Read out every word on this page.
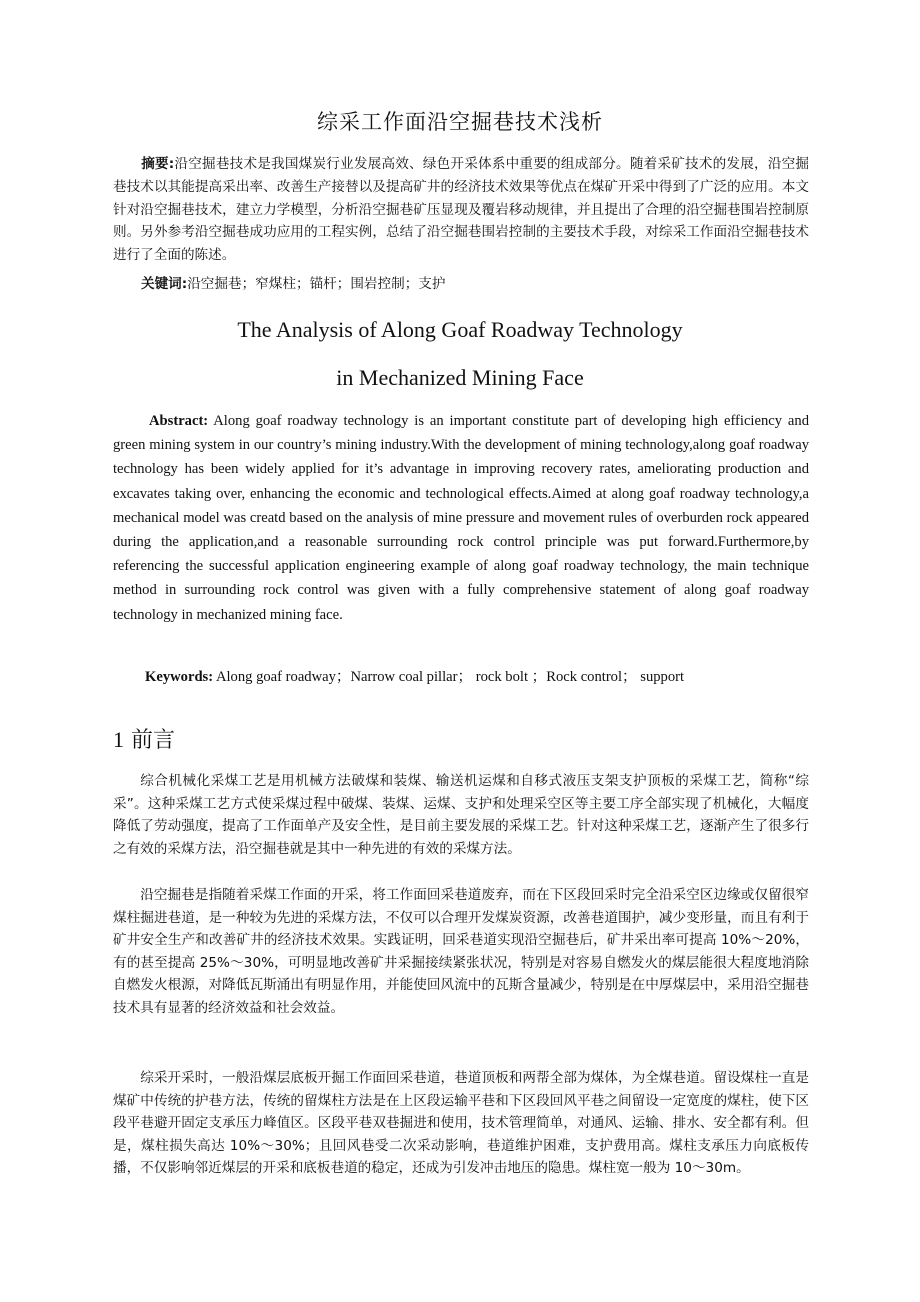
综采工作面沿空掘巷技术浅析
摘要:沿空掘巷技术是我国煤炭行业发展高效、绿色开采体系中重要的组成部分。随着采矿技术的发展，沿空掘巷技术以其能提高采出率、改善生产接替以及提高矿井的经济技术效果等优点在煤矿开采中得到了广泛的应用。本文针对沿空掘巷技术，建立力学模型，分析沿空掘巷矿压显现及覆岩移动规律，并且提出了合理的沿空掘巷围岩控制原则。另外参考沿空掘巷成功应用的工程实例，总结了沿空掘巷围岩控制的主要技术手段，对综采工作面沿空掘巷技术进行了全面的陈述。
关键词:沿空掘巷；窄煤柱；锚杆；围岩控制；支护
The Analysis of Along Goaf Roadway Technology
in Mechanized Mining Face
Abstract: Along goaf roadway technology is an important constitute part of developing high efficiency and green mining system in our country’s mining industry.With the development of mining technology,along goaf roadway technology has been widely applied for it’s advantage in improving recovery rates, ameliorating production and excavates taking over, enhancing the economic and technological effects.Aimed at along goaf roadway technology,a mechanical model was creatd based on the analysis of mine pressure and movement rules of overburden rock appeared during the application,and a reasonable surrounding rock control principle was put forward.Furthermore,by referencing the successful application engineering example of along goaf roadway technology, the main technique method in surrounding rock control was given with a fully comprehensive statement of along goaf roadway technology in mechanized mining face.
Keywords: Along goaf roadway；Narrow coal pillar； rock bolt ；Rock control； support
1 前言
综合机械化采煤工艺是用机械方法破煤和装煤、输送机运煤和自移式液压支架支护顶板的采煤工艺，简称“综采”。这种采煤工艺方式使采煤过程中破煤、装煤、运煤、支护和处理采空区等主要工序全部实现了机械化，大幅度降低了劳动强度，提高了工作面单产及安全性，是目前主要发展的采煤工艺。针对这种采煤工艺，逐渐产生了很多行之有效的采煤方法，沿空掘巷就是其中一种先进的有效的采煤方法。
沿空掘巷是指随着采煤工作面的开采，将工作面回采巷道废弃，而在下区段回采时完全沿采空区边缘或仅留很窄煤柱掘进巷道，是一种较为先进的采煤方法，不仅可以合理开发煤炭资源，改善巷道围护，减少变形量，而且有利于矿井安全生产和改善矿井的经济技术效果。实践证明，回采巷道实现沿空掘巷后，矿井采出率可提高 10%～20%，有的甚至提高 25%～30%，可明显地改善矿井采掘接续紧张状况，特别是对容易自燃发火的煤层能很大程度地消除自燃发火根源，对降低瓦斯涌出有明显作用，并能使回风流中的瓦斯含量减少，特别是在中厚煤层中，采用沿空掘巷技术具有显著的经济效益和社会效益。
综采开采时，一般沿煤层底板开掘工作面回采巷道，巷道顶板和两帮全部为煤体，为全煤巷道。留设煤柱一直是煤矿中传统的护巷方法，传统的留煤柱方法是在上区段运输平巷和下区段回风平巷之间留设一定宽度的煤柱，使下区段平巷避开固定支承压力峰值区。区段平巷双巷掘进和使用，技术管理简单，对通风、运输、排水、安全都有利。但是，煤柱损失高达 10%～30%；且回风巷受二次采动影响，巷道维护困难，支护费用高。煤柱支承压力向底板传播，不仅影响邻近煤层的开采和底板巷道的稳定，还成为引发冲击地压的隐患。煤柱宽一般为 10～30m。
